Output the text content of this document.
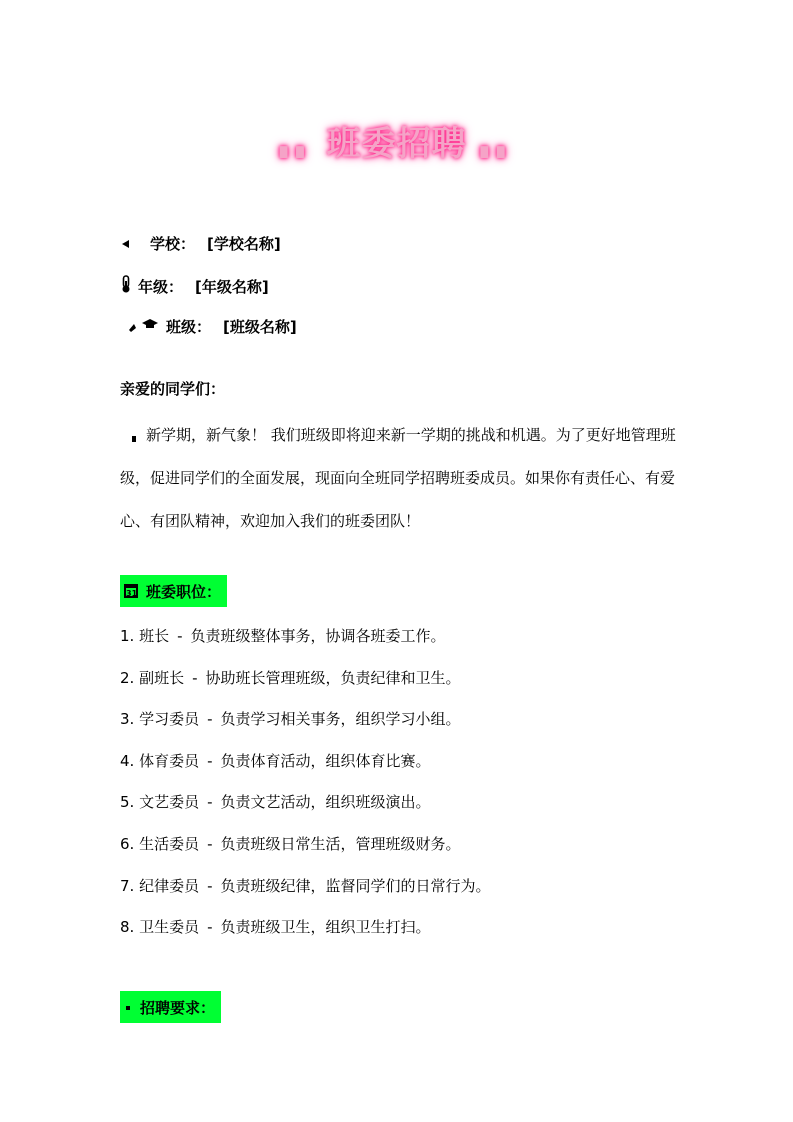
▖▖ 班委招聘 ▖▖
学校： [学校名称]
年级： [年级名称]
班级： [班级名称]
亲爱的同学们：
新学期，新气象！ 我们班级即将迎来新一学期的挑战和机遇。为了更好地管理班级，促进同学们的全面发展，现面向全班同学招聘班委成员。如果你有责任心、有爱心、有团队精神，欢迎加入我们的班委团队！
31 班委职位：
1. 班长 - 负责班级整体事务，协调各班委工作。
2. 副班长 - 协助班长管理班级，负责纪律和卫生。
3. 学习委员 - 负责学习相关事务，组织学习小组。
4. 体育委员 - 负责体育活动，组织体育比赛。
5. 文艺委员 - 负责文艺活动，组织班级演出。
6. 生活委员 - 负责班级日常生活，管理班级财务。
7. 纪律委员 - 负责班级纪律，监督同学们的日常行为。
8. 卫生委员 - 负责班级卫生，组织卫生打扫。
招聘要求：
